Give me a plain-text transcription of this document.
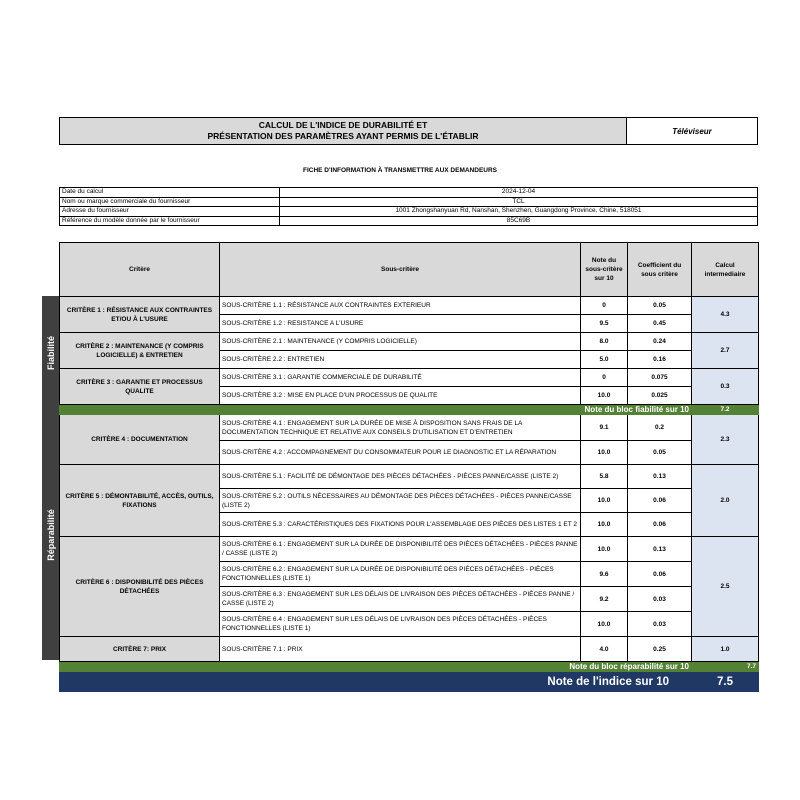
CALCUL DE L'INDICE DE DURABILITÉ ET
PRÉSENTATION DES PARAMÈTRES AYANT PERMIS DE L'ÉTABLIR	Téléviseur
FICHE D'INFORMATION À TRANSMETTRE AUX DEMANDEURS
Date du calcul	2024-12-04
Nom ou marque commerciale du fournisseur	TCL
Adresse du fournisseur	1001 Zhongshanyuan Rd, Nanshan, Shenzhen, Guangdong Province, Chine, 518051
Référence du modèle donnée par le fournisseur	85C69B
Fiabilité
Réparabilité
Critère	Sous-critère	Note du sous-critère sur 10	Coefficient du sous critère	Calcul intermediaire
CRITÈRE 1 : RÉSISTANCE AUX CONTRAINTES ET/OU À L'USURE	SOUS-CRITÈRE 1.1 : RÉSISTANCE AUX CONTRAINTES EXTERIEUR	0	0.05	4.3
	SOUS-CRITÈRE 1.2 : RESISTANCE A L'USURE	9.5	0.45	
CRITÈRE 2 : MAINTENANCE (Y COMPRIS LOGICIELLE) & ENTRETIEN	SOUS-CRITÈRE 2.1 : MAINTENANCE (Y COMPRIS LOGICIELLE)	8.0	0.24	2.7
	SOUS-CRITÈRE 2.2 : ENTRETIEN	5.0	0.16	
CRITÈRE 3 : GARANTIE ET PROCESSUS QUALITE	SOUS-CRITÈRE 3.1 : GARANTIE COMMERCIALE DE DURABILITÉ	0	0.075	0.3
	SOUS-CRITÈRE 3.2 : MISE EN PLACE D'UN PROCESSUS DE QUALITE	10.0	0.025	
Note du bloc fiabilité sur 10				7.2
CRITÈRE 4 : DOCUMENTATION	SOUS-CRITÈRE 4.1 : ENGAGEMENT SUR LA DURÉE DE MISE À DISPOSITION SANS FRAIS DE LA DOCUMENTATION TECHNIQUE ET RELATIVE AUX CONSEILS D'UTILISATION ET D'ENTRETIEN	9.1	0.2	2.3
	SOUS-CRITÈRE 4.2 : ACCOMPAGNEMENT DU CONSOMMATEUR POUR LE DIAGNOSTIC ET LA RÉPARATION	10.0	0.05	
CRITÈRE 5 : DÉMONTABILITÉ, ACCÈS, OUTILS, FIXATIONS	SOUS-CRITÈRE 5.1 : FACILITÉ DE DÉMONTAGE DES PIÈCES DÉTACHÉES - PIÈCES PANNE/CASSE (LISTE 2)	5.8	0.13	2.0
	SOUS-CRITÈRE 5.2 : OUTILS NÉCESSAIRES AU DÉMONTAGE DES PIÈCES DÉTACHÉES - PIÈCES PANNE/CASSE (LISTE 2)	10.0	0.06	
	SOUS-CRITÈRE 5.3 : CARACTÉRISTIQUES DES FIXATIONS POUR L'ASSEMBLAGE DES PIÈCES DES LISTES 1 ET 2	10.0	0.06	
CRITÈRE 6 : DISPONIBILITÉ DES PIÈCES DÉTACHÉES	SOUS-CRITÈRE 6.1 : ENGAGEMENT SUR LA DURÉE DE DISPONIBILITÉ DES PIÈCES DÉTACHÉES - PIÈCES PANNE / CASSE (LISTE 2)	10.0	0.13	2.5
	SOUS-CRITÈRE 6.2 : ENGAGEMENT SUR LA DURÉE DE DISPONIBILITÉ DES PIÈCES DÉTACHÉES - PIÈCES FONCTIONNELLES (LISTE 1)	9.6	0.06	
	SOUS-CRITÈRE 6.3 : ENGAGEMENT SUR LES DÉLAIS DE LIVRAISON DES PIÈCES DÉTACHÉES - PIÈCES PANNE / CASSE (LISTE 2)	9.2	0.03	
	SOUS-CRITÈRE 6.4 : ENGAGEMENT SUR LES DÉLAIS DE LIVRAISON DES PIÈCES DÉTACHÉES - PIÈCES FONCTIONNELLES (LISTE 1)	10.0	0.03	
CRITÈRE 7: PRIX	SOUS-CRITÈRE 7.1 : PRIX	4.0	0.25	1.0
Note du bloc réparabilité sur 10				7.7
Note de l'indice sur 10				7.5
